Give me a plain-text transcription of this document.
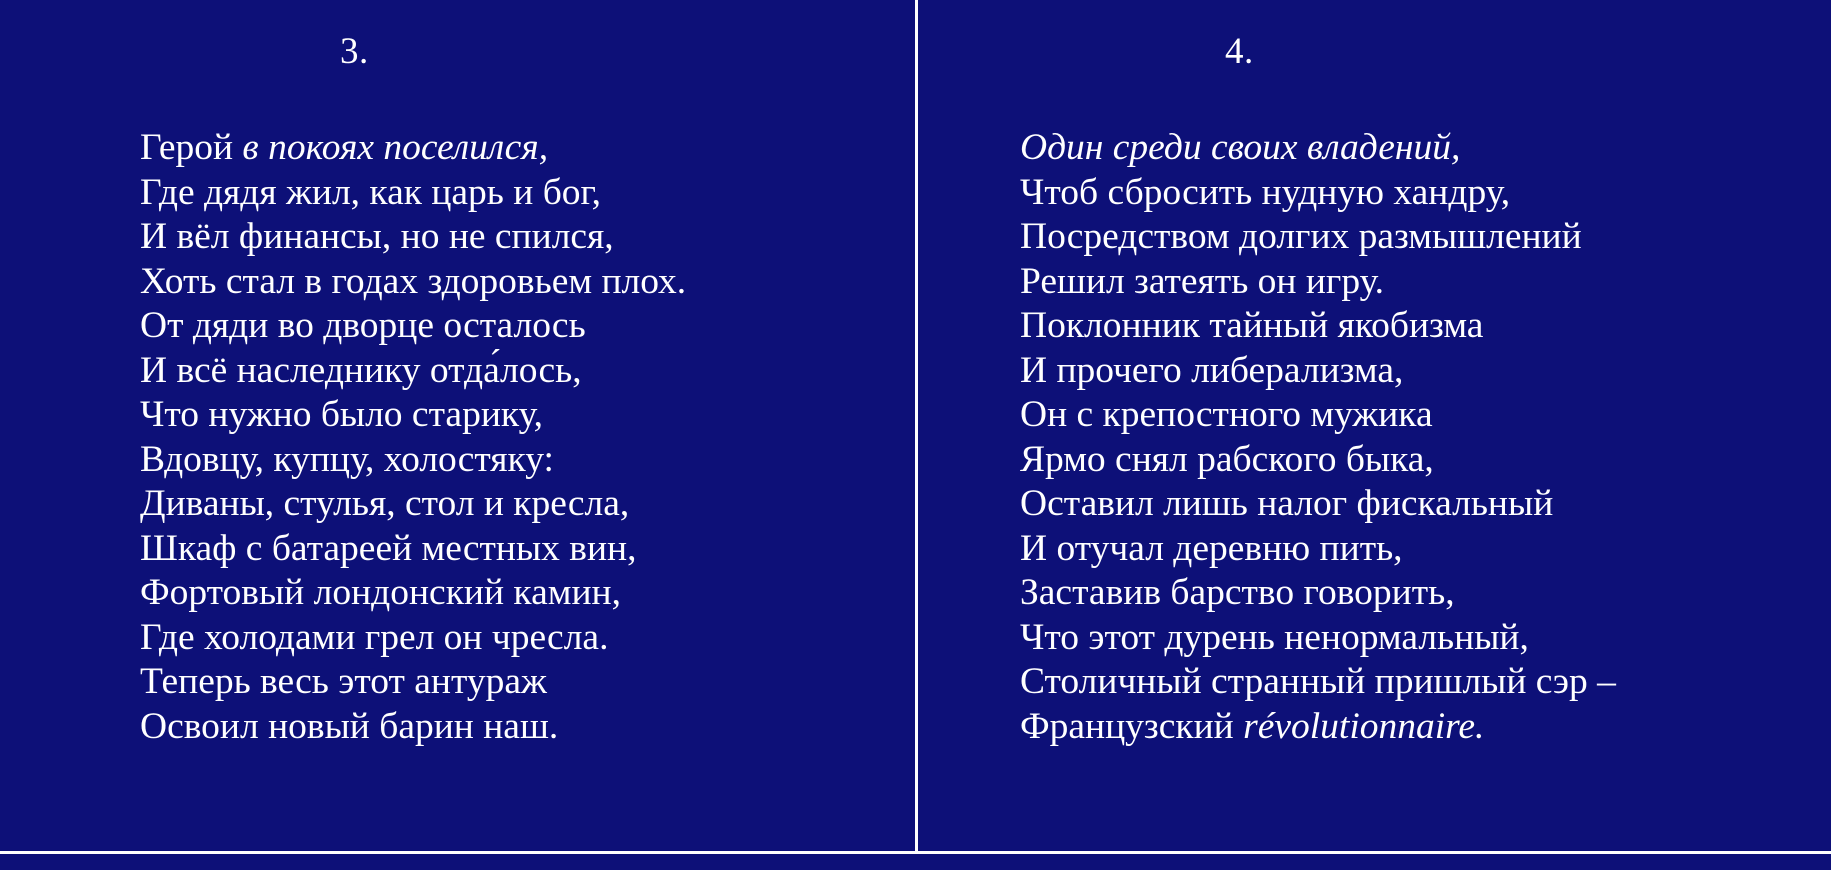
3.
Герой в покоях поселился,
Где дядя жил, как царь и бог,
И вёл финансы, но не спился,
Хоть стал в годах здоровьем плох.
От дяди во дворце осталось
И всё наследнику отда́лось,
Что нужно было старику,
Вдовцу, купцу, холостяку:
Диваны, стулья, стол и кресла,
Шкаф с батареей местных вин,
Фортовый лондонский камин,
Где холодами грел он чресла.
Теперь весь этот антураж
Освоил новый барин наш.
4.
Один среди своих владений,
Чтоб сбросить нудную хандру,
Посредством долгих размышлений
Решил затеять он игру.
Поклонник тайный якобизма
И прочего либерализма,
Он с крепостного мужика
Ярмо снял рабского быка,
Оставил лишь налог фискальный
И отучал деревню пить,
Заставив барство говорить,
Что этот дурень ненормальный,
Столичный странный пришлый сэр –
Французский révolutionnaire.
